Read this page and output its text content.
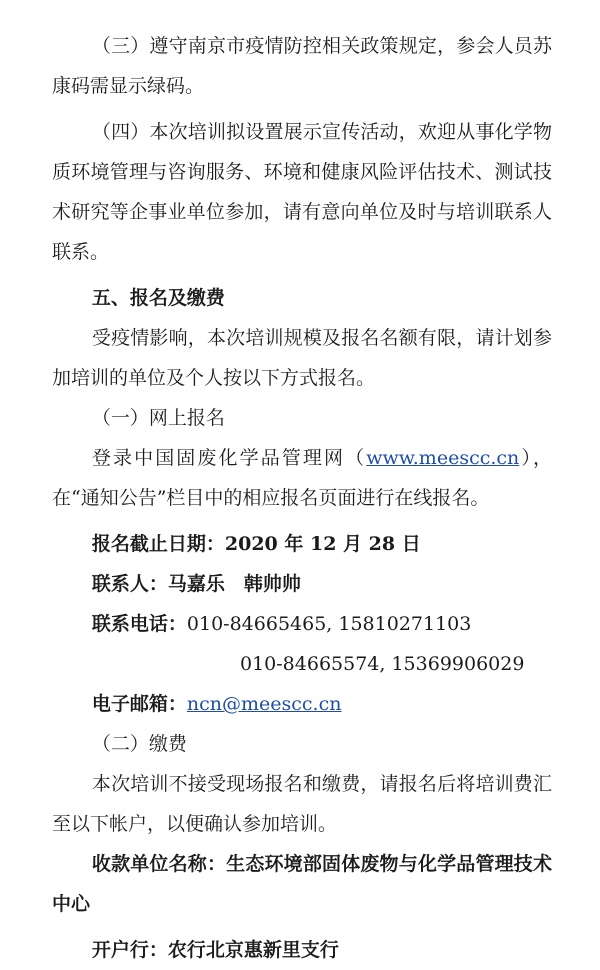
（三）遵守南京市疫情防控相关政策规定，参会人员苏康码需显示绿码。

（四）本次培训拟设置展示宣传活动，欢迎从事化学物质环境管理与咨询服务、环境和健康风险评估技术、测试技术研究等企事业单位参加，请有意向单位及时与培训联系人联系。

五、报名及缴费

受疫情影响，本次培训规模及报名名额有限，请计划参加培训的单位及个人按以下方式报名。

（一）网上报名

登录中国固废化学品管理网（www.meescc.cn），在“通知公告”栏目中的相应报名页面进行在线报名。

报名截止日期：2020 年 12 月 28 日

联系人：马嘉乐　韩帅帅

联系电话：010-84665465, 15810271103

010-84665574, 15369906029

电子邮箱：ncn@meescc.cn

（二）缴费

本次培训不接受现场报名和缴费，请报名后将培训费汇至以下帐户，以便确认参加培训。

收款单位名称：生态环境部固体废物与化学品管理技术中心

开户行：农行北京惠新里支行
